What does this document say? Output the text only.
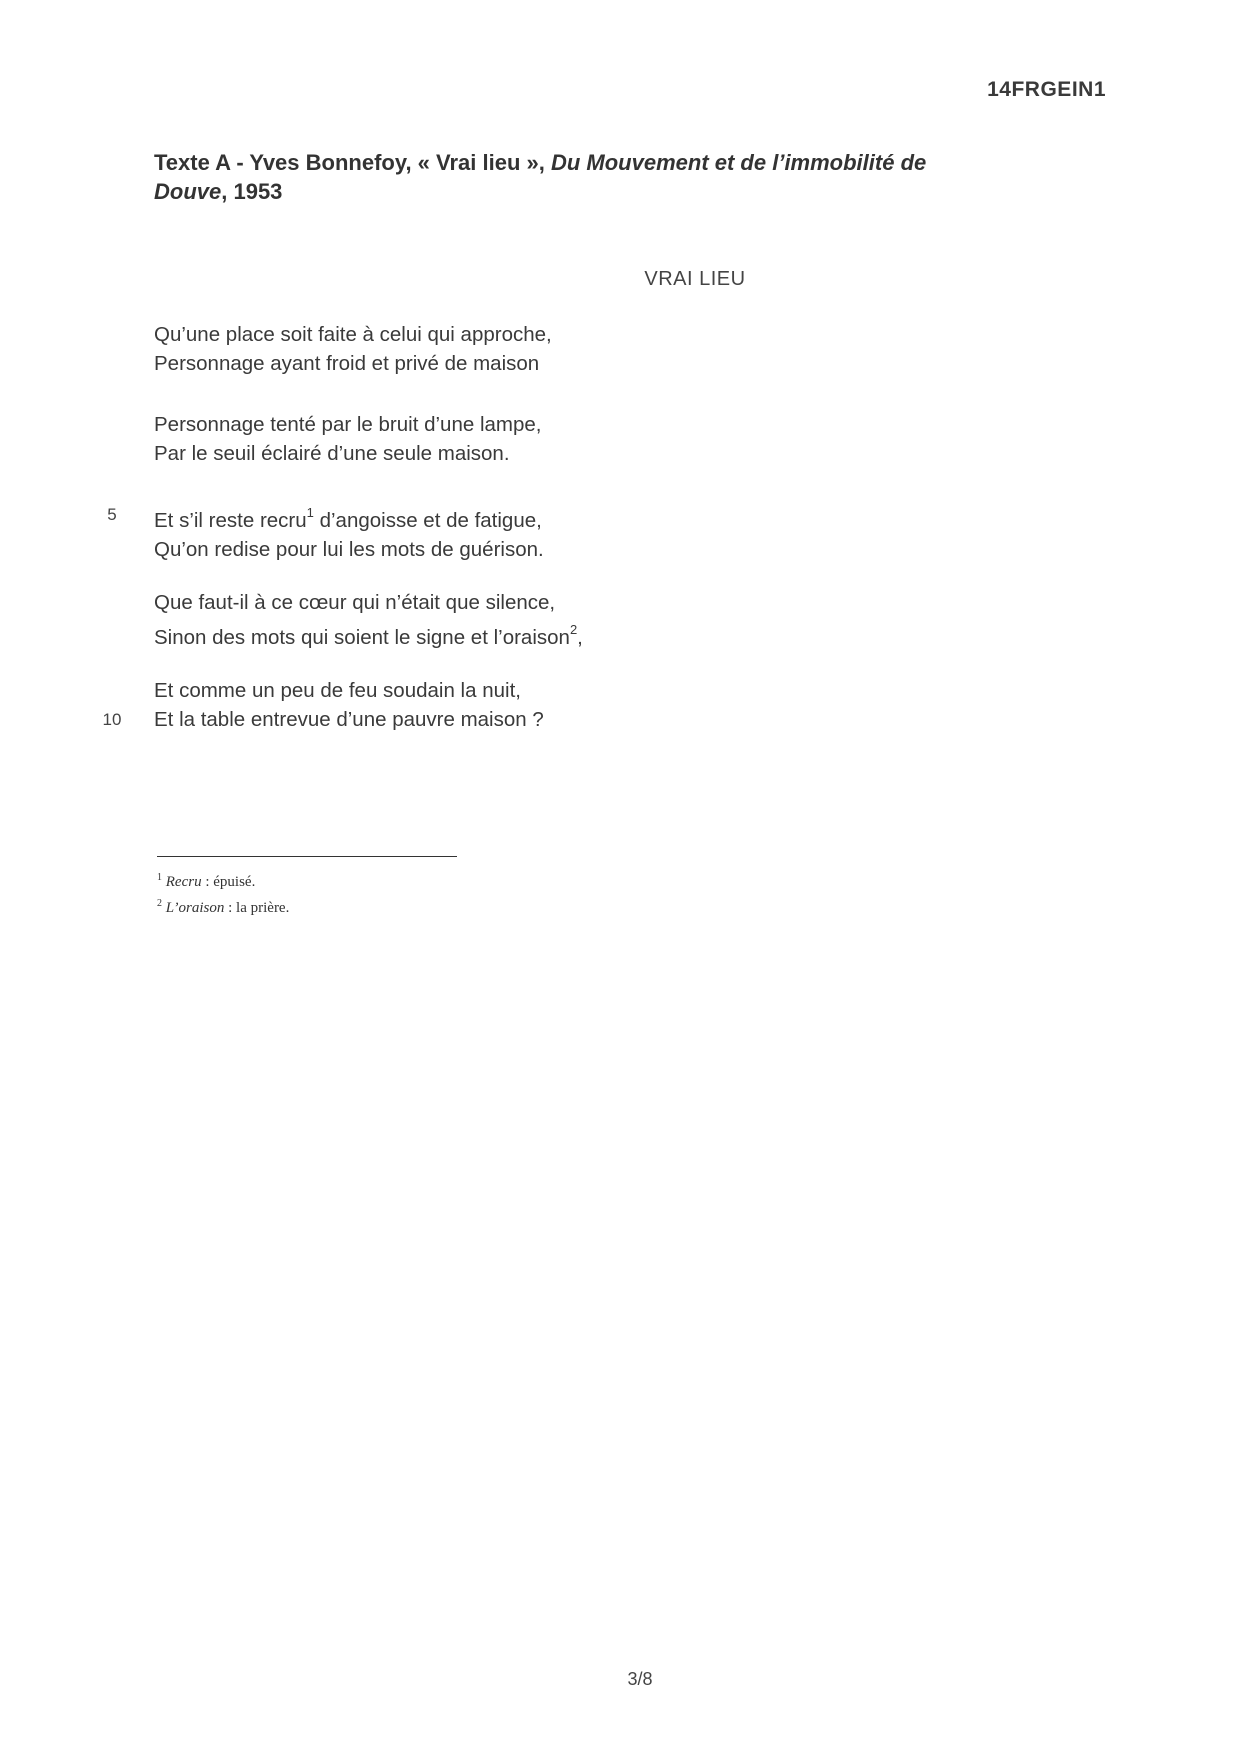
14FRGEIN1
Texte A - Yves Bonnefoy, « Vrai lieu », Du Mouvement et de l’immobilité de
Douve, 1953
VRAI LIEU
Qu’une place soit faite à celui qui approche,
Personnage ayant froid et privé de maison
Personnage tenté par le bruit d’une lampe,
Par le seuil éclairé d’une seule maison.
5	Et s’il reste recru$^1$ d’angoisse et de fatigue,
Qu’on redise pour lui les mots de guérison.
Que faut-il à ce cœur qui n’était que silence,
Sinon des mots qui soient le signe et l’oraison$^2$,
Et comme un peu de feu soudain la nuit,
10	Et la table entrevue d’une pauvre maison ?
$^1$ Recru : épuisé.
$^2$ L’oraison : la prière.
3/8
